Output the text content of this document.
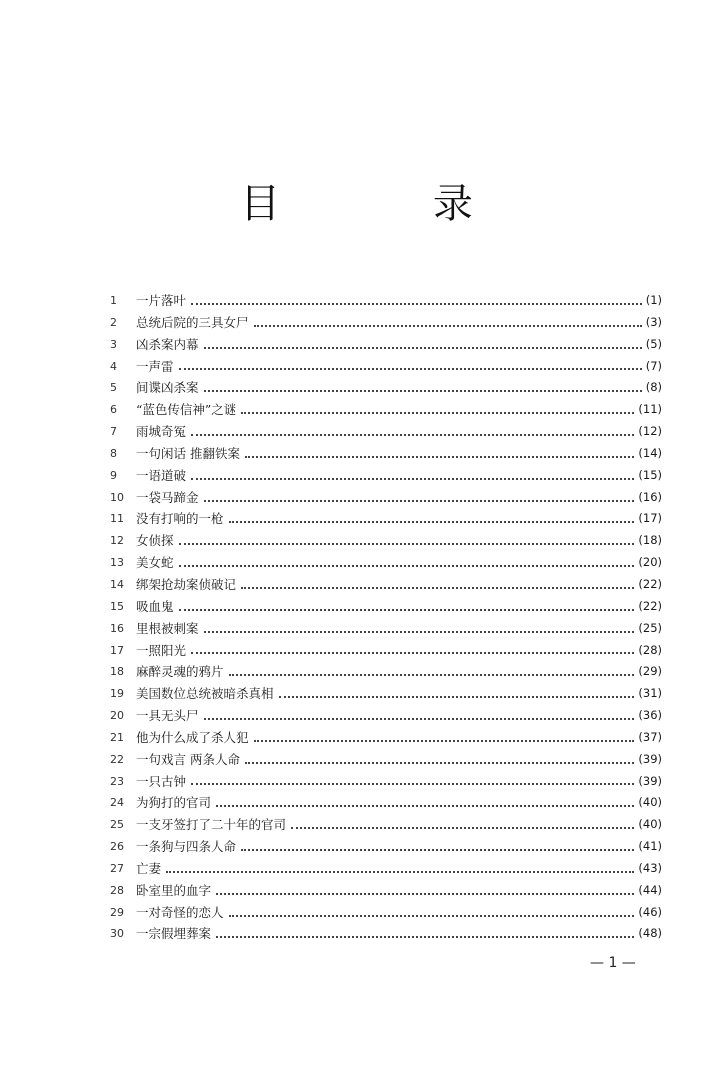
目 录
1	一片落叶	(1)
2	总统后院的三具女尸	(3)
3	凶杀案内幕	(5)
4	一声雷	(7)
5	间谍凶杀案	(8)
6	“蓝色传信神”之谜	(11)
7	雨城奇冤	(12)
8	一句闲话 推翻铁案	(14)
9	一语道破	(15)
10 一袋马蹄金	(16)
11 没有打响的一枪	(17)
12 女侦探	(18)
13 美女蛇	(20)
14 绑架抢劫案侦破记	(22)
15 吸血鬼	(22)
16 里根被刺案	(25)
17 一照阳光	(28)
18 麻醉灵魂的鸦片	(29)
19 美国数位总统被暗杀真相	(31)
20 一具无头尸	(36)
21 他为什么成了杀人犯	(37)
22 一句戏言 两条人命	(39)
23 一只古钟	(39)
24 为狗打的官司	(40)
25 一支牙签打了二十年的官司	(40)
26 一条狗与四条人命	(41)
27 亡妻	(43)
28 卧室里的血字	(44)
29 一对奇怪的恋人	(46)
30 一宗假埋葬案	(48)
— 1 —
